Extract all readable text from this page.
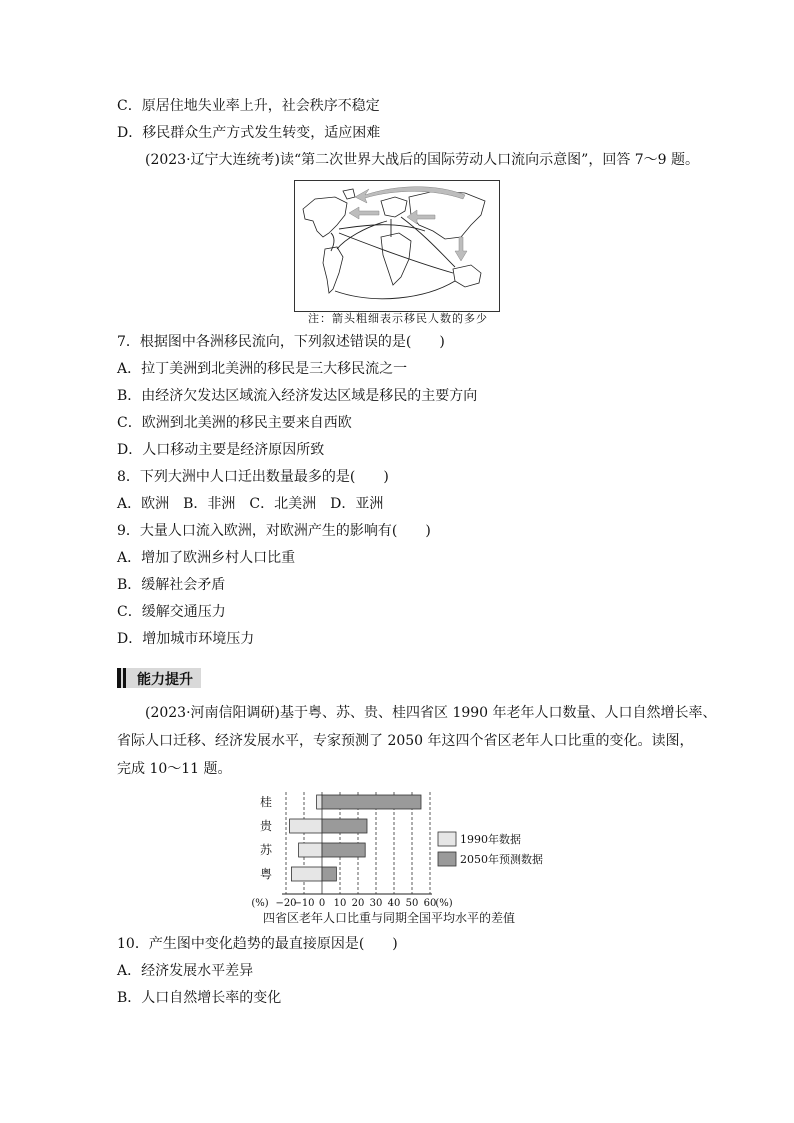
C．原居住地失业率上升，社会秩序不稳定
D．移民群众生产方式发生转变，适应困难
(2023·辽宁大连统考)读“第二次世界大战后的国际劳动人口流向示意图”，回答 7～9 题。
注：箭头粗细表示移民人数的多少
7．根据图中各洲移民流向，下列叙述错误的是(　　)
A．拉丁美洲到北美洲的移民是三大移民流之一
B．由经济欠发达区域流入经济发达区域是移民的主要方向
C．欧洲到北美洲的移民主要来自西欧
D．人口移动主要是经济原因所致
8．下列大洲中人口迁出数量最多的是(　　)
A．欧洲　B．非洲　C．北美洲　D．亚洲
9．大量人口流入欧洲，对欧洲产生的影响有(　　)
A．增加了欧洲乡村人口比重
B．缓解社会矛盾
C．缓解交通压力
D．增加城市环境压力
能力提升
(2023·河南信阳调研)基于粤、苏、贵、桂四省区 1990 年老年人口数量、人口自然增长率、
省际人口迁移、经济发展水平，专家预测了 2050 年这四个省区老年人口比重的变化。读图，
完成 10～11 题。
(%) −20
−10 0 10 20 30 40 50 60
(%)
桂
贵
苏
粤
1990年数据
2050年预测数据
四省区老年人口比重与同期全国平均水平的差值
10．产生图中变化趋势的最直接原因是(　　)
A．经济发展水平差异
B．人口自然增长率的变化
